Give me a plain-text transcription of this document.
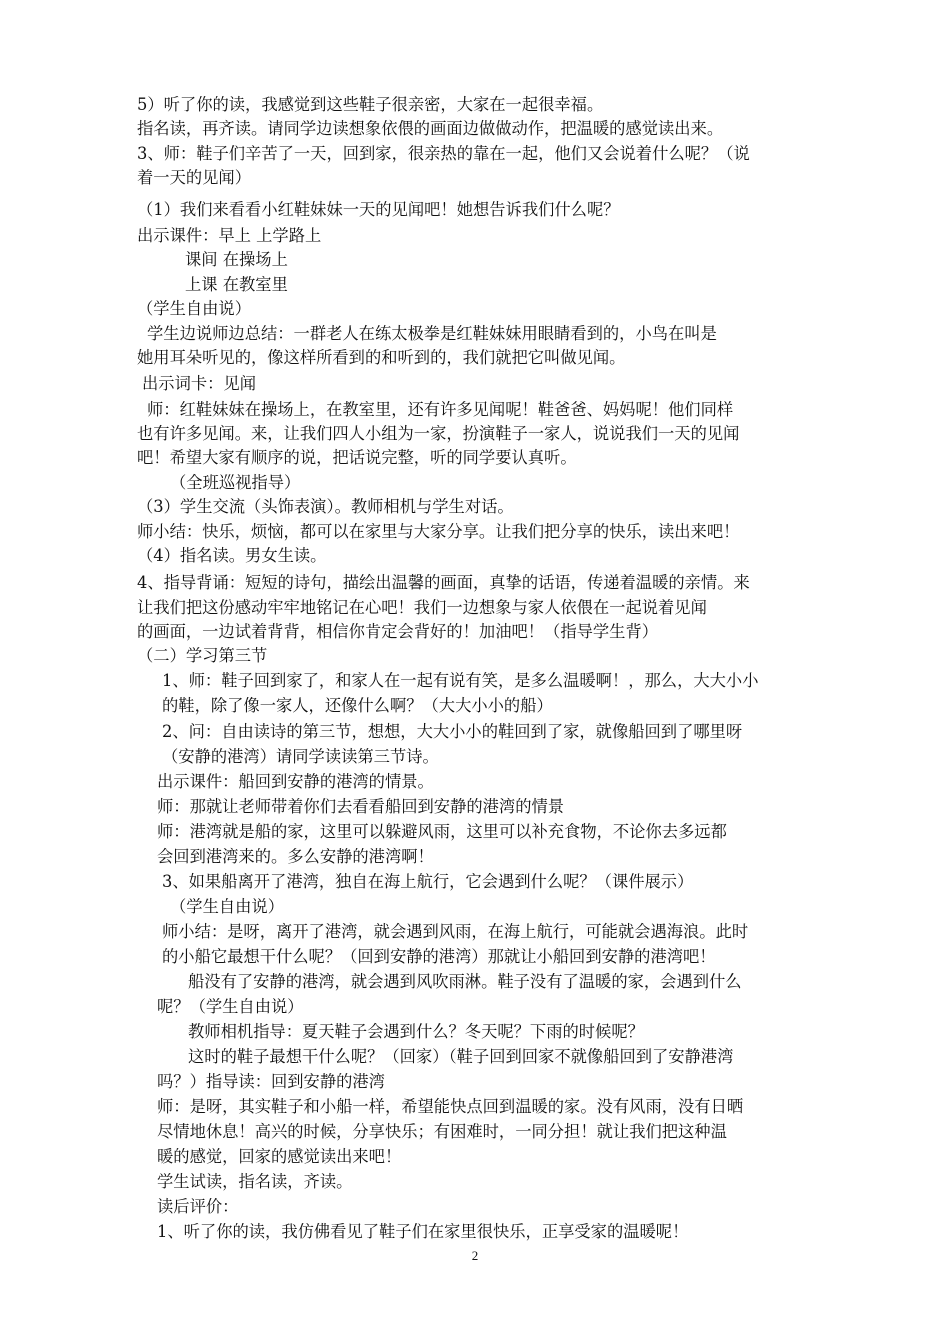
5）听了你的读，我感觉到这些鞋子很亲密，大家在一起很幸福。
指名读，再齐读。请同学边读想象依偎的画面边做做动作，把温暖的感觉读出来。
3、师：鞋子们辛苦了一天，回到家，很亲热的靠在一起，他们又会说着什么呢？（说
着一天的见闻）
（1）我们来看看小红鞋妹妹一天的见闻吧！她想告诉我们什么呢？
出示课件：早上 上学路上
课间 在操场上
上课 在教室里
（学生自由说）
学生边说师边总结：一群老人在练太极拳是红鞋妹妹用眼睛看到的，小鸟在叫是
她用耳朵听见的，像这样所看到的和听到的，我们就把它叫做见闻。
出示词卡：见闻
师：红鞋妹妹在操场上，在教室里，还有许多见闻呢！鞋爸爸、妈妈呢！他们同样
也有许多见闻。来，让我们四人小组为一家，扮演鞋子一家人，说说我们一天的见闻
吧！希望大家有顺序的说，把话说完整，听的同学要认真听。
（全班巡视指导）
（3）学生交流（头饰表演）。教师相机与学生对话。
师小结：快乐，烦恼，都可以在家里与大家分享。让我们把分享的快乐，读出来吧！
（4）指名读。男女生读。
4、指导背诵：短短的诗句，描绘出温馨的画面，真挚的话语，传递着温暖的亲情。来
让我们把这份感动牢牢地铭记在心吧！我们一边想象与家人依偎在一起说着见闻
的画面，一边试着背背，相信你肯定会背好的！加油吧！（指导学生背）
（二）学习第三节
1、师：鞋子回到家了，和家人在一起有说有笑，是多么温暖啊！，那么，大大小小
的鞋，除了像一家人，还像什么啊？（大大小小的船）
2、问：自由读诗的第三节，想想，大大小小的鞋回到了家，就像船回到了哪里呀
（安静的港湾）请同学读读第三节诗。
出示课件：船回到安静的港湾的情景。
师：那就让老师带着你们去看看船回到安静的港湾的情景
师：港湾就是船的家，这里可以躲避风雨，这里可以补充食物，不论你去多远都
会回到港湾来的。多么安静的港湾啊！
3、如果船离开了港湾，独自在海上航行，它会遇到什么呢？（课件展示）
（学生自由说）
师小结：是呀，离开了港湾，就会遇到风雨，在海上航行，可能就会遇海浪。此时
的小船它最想干什么呢？（回到安静的港湾）那就让小船回到安静的港湾吧！
船没有了安静的港湾，就会遇到风吹雨淋。鞋子没有了温暖的家，会遇到什么
呢？（学生自由说）
教师相机指导：夏天鞋子会遇到什么？冬天呢？下雨的时候呢？
这时的鞋子最想干什么呢？（回家）（鞋子回到回家不就像船回到了安静港湾
吗？）指导读：回到安静的港湾
师：是呀，其实鞋子和小船一样，希望能快点回到温暖的家。没有风雨，没有日晒
尽情地休息！高兴的时候，分享快乐；有困难时，一同分担！就让我们把这种温
暖的感觉，回家的感觉读出来吧！
学生试读，指名读，齐读。
读后评价：
1、听了你的读，我仿佛看见了鞋子们在家里很快乐，正享受家的温暖呢！
2
